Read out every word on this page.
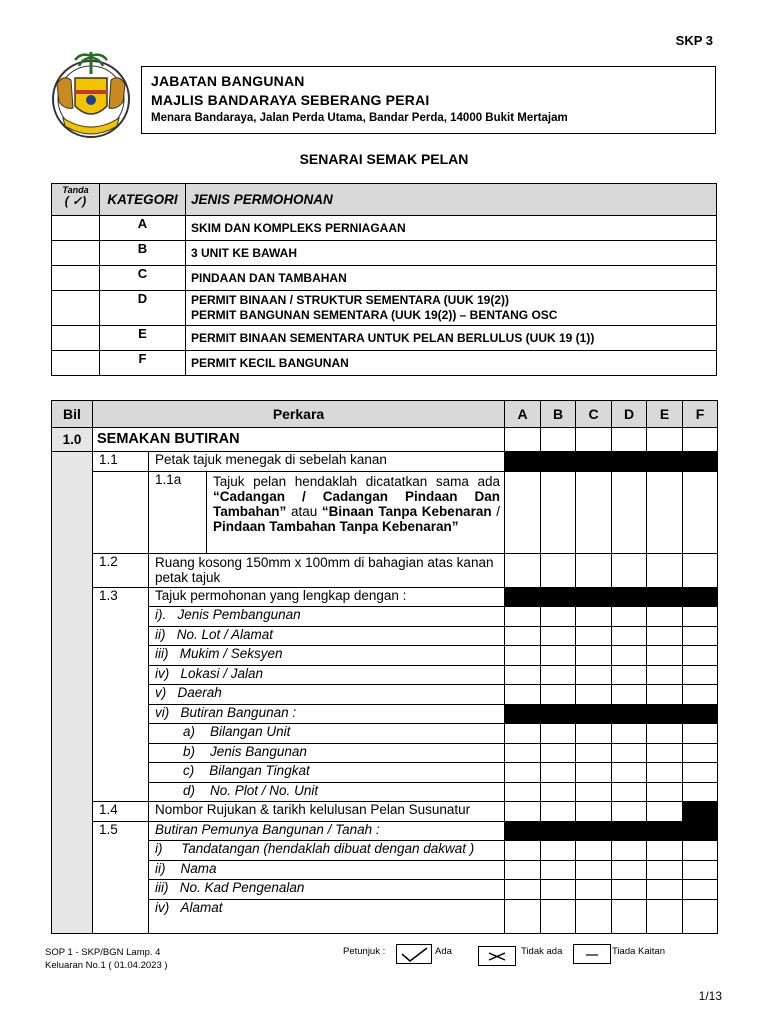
SKP 3
JABATAN BANGUNAN
MAJLIS BANDARAYA SEBERANG PERAI
Menara Bandaraya, Jalan Perda Utama, Bandar Perda, 14000 Bukit Mertajam
SENARAI SEMAK PELAN
Tanda
( ✓)	KATEGORI	JENIS PERMOHONAN
	A	SKIM DAN KOMPLEKS PERNIAGAAN
	B	3 UNIT KE BAWAH
	C	PINDAAN DAN TAMBAHAN
	D	PERMIT BINAAN / STRUKTUR SEMENTARA (UUK 19(2))
PERMIT BANGUNAN SEMENTARA (UUK 19(2)) – BENTANG OSC

	E	PERMIT BINAAN SEMENTARA UNTUK PELAN BERLULUS (UUK 19 (1))
	F	PERMIT KECIL BANGUNAN
Bil	Perkara			A	B	C	D	E	F
1.0	SEMAKAN BUTIRAN								
	1.1	Petak tajuk menegak di sebelah kanan							
		1.1a	Tajuk pelan hendaklah dicatatkan sama ada “Cadangan / Cadangan Pindaan Dan Tambahan” atau “Binaan Tanpa Kebenaran / Pindaan Tambahan Tanpa Kebenaran”						
	1.2	Ruang kosong 150mm x 100mm di bahagian atas kanan petak tajuk							
	1.3	Tajuk permohonan yang lengkap dengan :							
		i). Jenis Pembangunan							
		ii) No. Lot / Alamat							
		iii) Mukim / Seksyen							
		iv) Lokasi / Jalan							
		v) Daerah							
		vi) Butiran Bangunan :							
		a) Bilangan Unit							
		b) Jenis Bangunan							
		c) Bilangan Tingkat							
		d) No. Plot / No. Unit							
	1.4	Nombor Rujukan & tarikh kelulusan Pelan Susunatur							
	1.5	Butiran Pemunya Bangunan / Tanah :							
		i) Tandatangan (hendaklah dibuat dengan dakwat )							
		ii) Nama							
		iii) No. Kad Pengenalan							
		iv) Alamat							
SOP 1 - SKP/BGN Lamp. 4
Keluaran No.1 ( 01.04.2023 )
Petunjuk :	Ada	Tidak ada	Tiada Kaitan
1/13
